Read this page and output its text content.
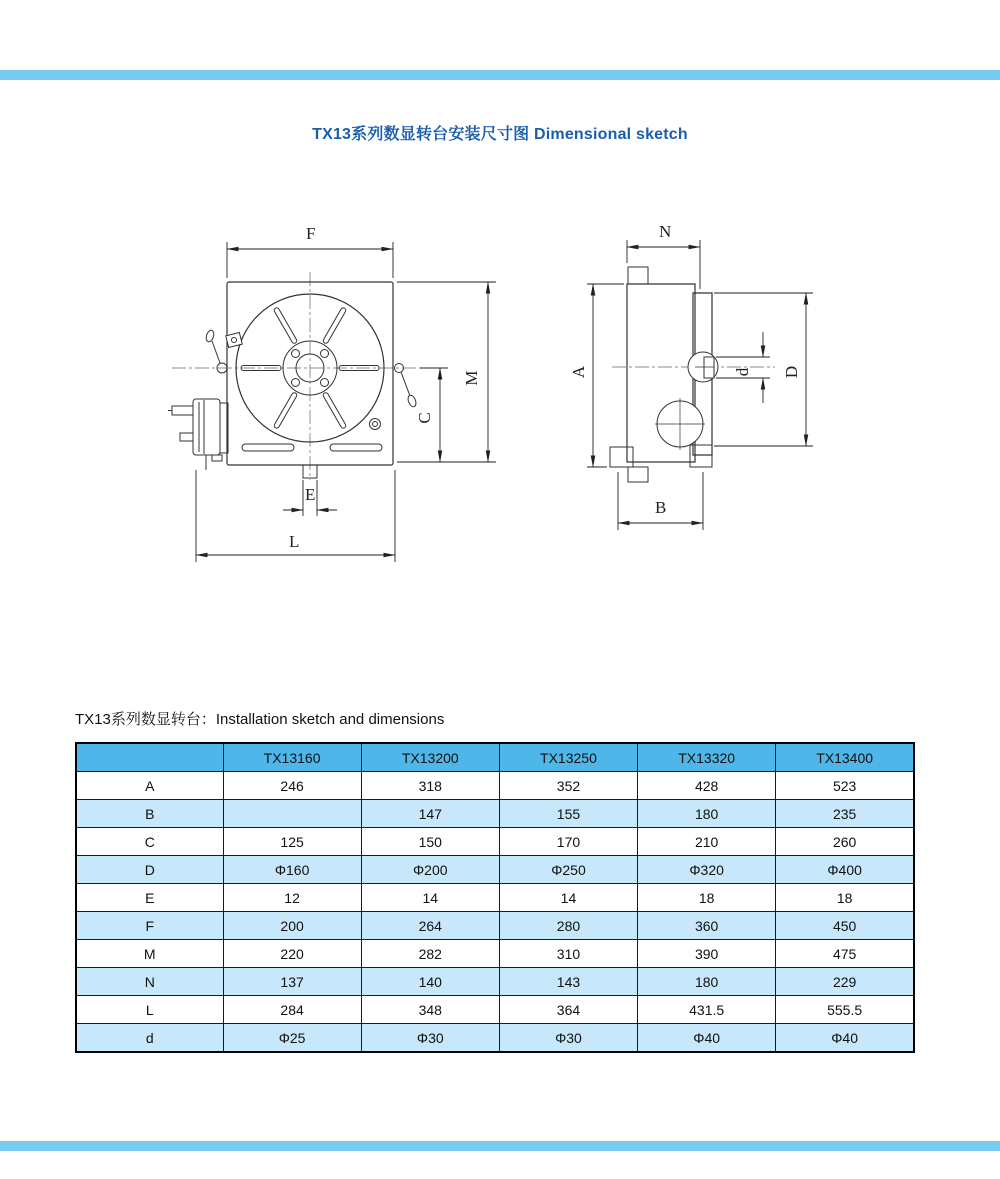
TX13系列数显转台安装尺寸图 Dimensional sketch
F
M
C
E
L
N
A	D
d
B
TX13系列数显转台：Installation sketch and dimensions
	TX13160	TX13200	TX13250	TX13320	TX13400
A	246	318	352	428	523
B		147	155	180	235
C	125	150	170	210	260
D	Φ160	Φ200	Φ250	Φ320	Φ400
E	12	14	14	18	18
F	200	264	280	360	450
M	220	282	310	390	475
N	137	140	143	180	229
L	284	348	364	431.5	555.5
d	Φ25	Φ30	Φ30	Φ40	Φ40
